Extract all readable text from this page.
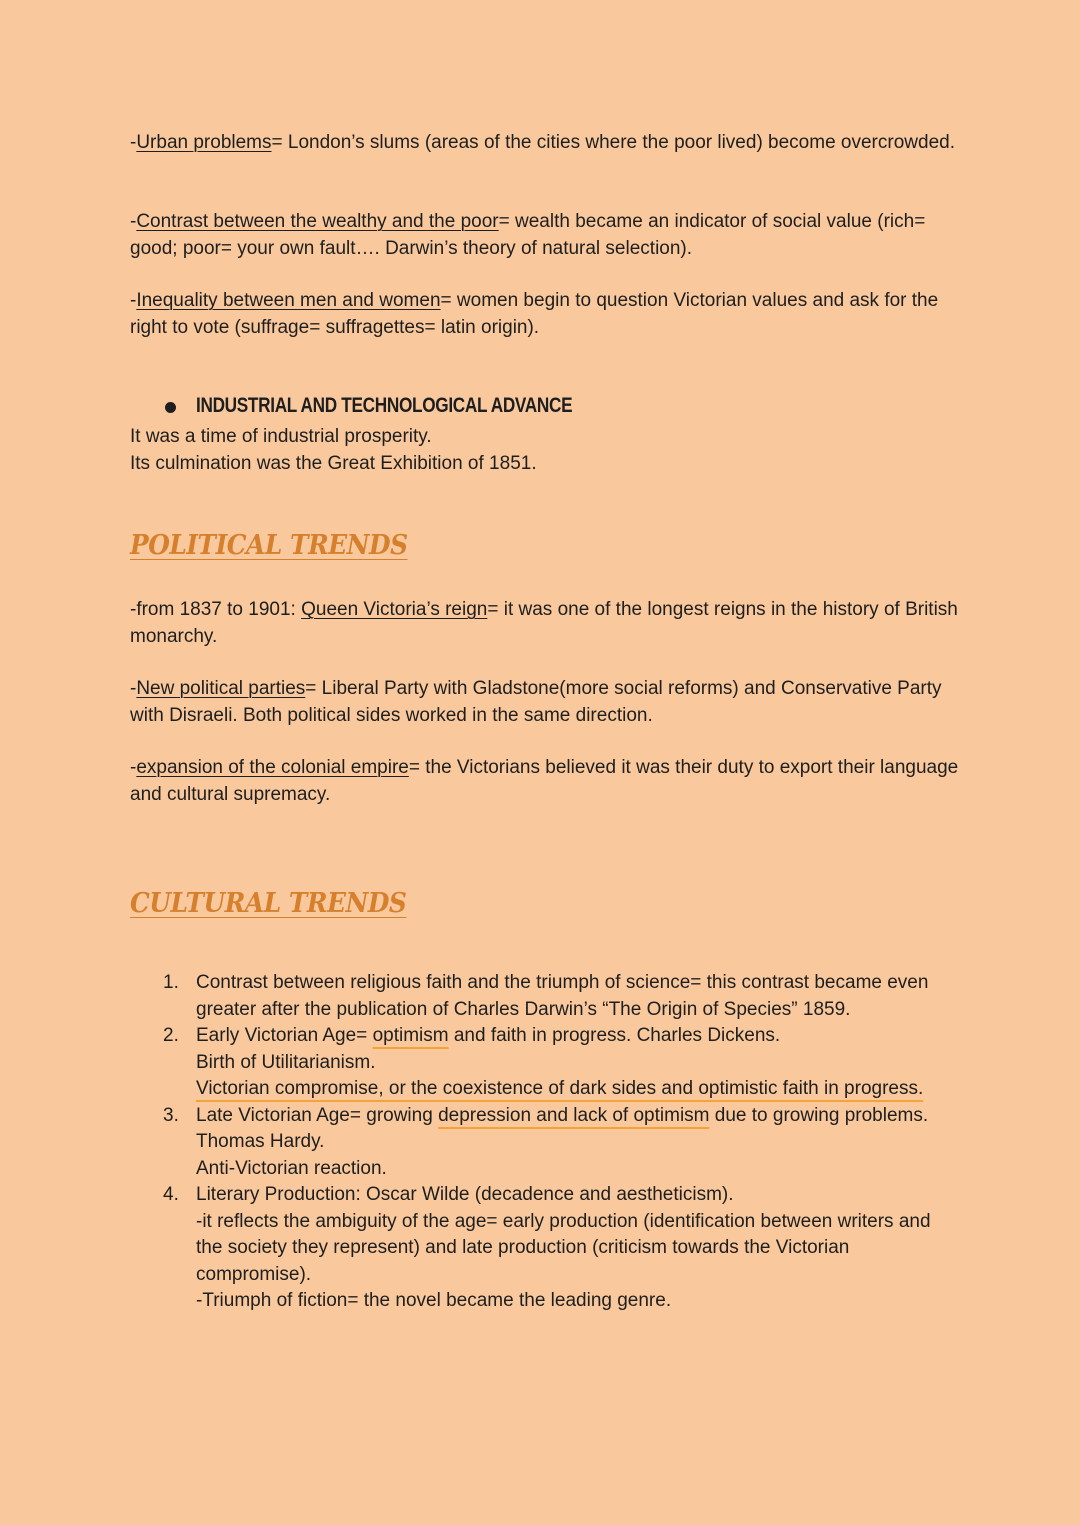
-Urban problems= London’s slums (areas of the cities where the poor lived) become overcrowded.

-Contrast between the wealthy and the poor= wealth became an indicator of social value (rich= good; poor= your own fault…. Darwin’s theory of natural selection).

-Inequality between men and women= women begin to question Victorian values and ask for the right to vote (suffrage= suffragettes= latin origin).

INDUSTRIAL AND TECHNOLOGICAL ADVANCE

It was a time of industrial prosperity.

Its culmination was the Great Exhibition of 1851.

POLITICAL TRENDS

-from 1837 to 1901: Queen Victoria’s reign= it was one of the longest reigns in the history of British monarchy.

-New political parties= Liberal Party with Gladstone(more social reforms) and Conservative Party with Disraeli. Both political sides worked in the same direction.

-expansion of the colonial empire= the Victorians believed it was their duty to export their language and cultural supremacy.

CULTURAL TRENDS
1. Contrast between religious faith and the triumph of science= this contrast became even greater after the publication of Charles Darwin’s “The Origin of Species” 1859.
2. Early Victorian Age= optimism and faith in progress. Charles Dickens.
Birth of Utilitarianism.
Victorian compromise, or the coexistence of dark sides and optimistic faith in progress.
3. Late Victorian Age= growing depression and lack of optimism due to growing problems. Thomas Hardy.
Anti-Victorian reaction.
4. Literary Production: Oscar Wilde (decadence and aestheticism).
-it reflects the ambiguity of the age= early production (identification between writers and the society they represent) and late production (criticism towards the Victorian compromise).
-Triumph of fiction= the novel became the leading genre.
